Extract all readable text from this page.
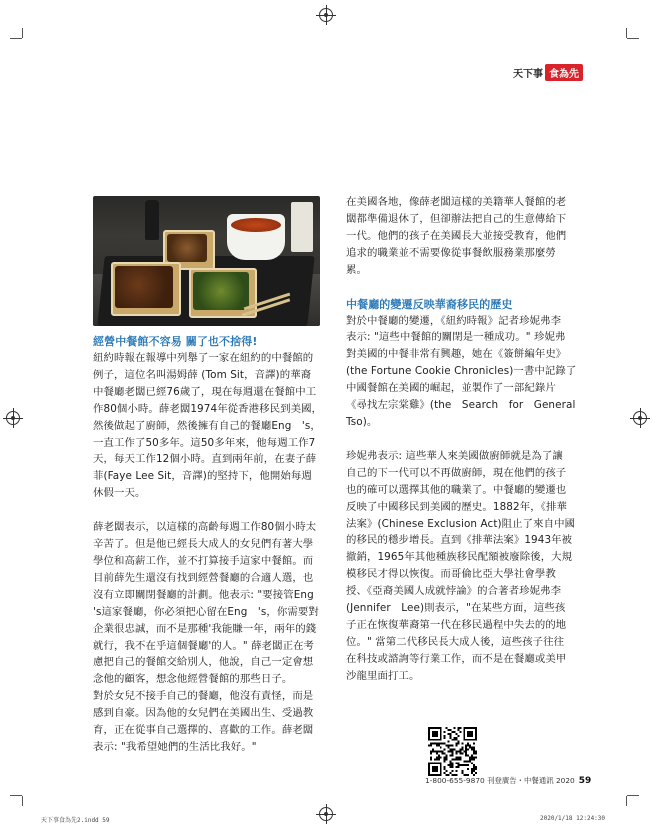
天下事 食為先

經營中餐館不容易 關了也不捨得!

紐約時報在報導中列舉了一家在紐約的中餐館的

例子，這位名叫湯姆薛 (Tom Sit，音譯)的華裔

中餐廳老闆已經76歲了，現在每週還在餐館中工

作80個小時。薛老闆1974年從香港移民到美國，

然後做起了廚師，然後擁有自己的餐廳Eng　's，

一直工作了50多年。這50多年來，他每週工作7

天，每天工作12個小時。直到兩年前，在妻子薛

菲(Faye Lee Sit，音譯)的堅持下，他開始每週

休假一天。

薛老闆表示，以這樣的高齡每週工作80個小時太

辛苦了。但是他已經長大成人的女兒們有著大學

學位和高薪工作，並不打算接手這家中餐館。而

目前薛先生還沒有找到經營餐廳的合適人選，也

沒有立即關閉餐廳的計劃。他表示: "要接管Eng

's這家餐廳，你必須把心留在Eng　's，你需要對

企業很忠誠，而不是那種'我能賺一年，兩年的錢

就行，我不在乎這個餐廳'的人。" 薛老闆正在考

慮把自己的餐館交給別人，他說，自己一定會想

念他的顧客，想念他經營餐館的那些日子。

對於女兒不接手自己的餐廳，他沒有責怪，而是

感到自豪。因為他的女兒們在美國出生、受過教

育，正在從事自己選擇的、喜歡的工作。薛老闆

表示: "我希望她們的生活比我好。"

在美國各地，像薛老闆這樣的美籍華人餐館的老

闆都準備退休了，但卻辦法把自己的生意傳給下

一代。他們的孩子在美國長大並接受教育，他們

追求的職業並不需要像從事餐飲服務業那麼勞

累。

中餐廳的變遷反映華裔移民的歷史

對於中餐廳的變遷，《紐約時報》記者珍妮弗李

表示: "這些中餐館的關閉是一種成功。" 珍妮弗

對美國的中餐非常有興趣，她在《簽餅編年史》

(the Fortune Cookie Chronicles)一書中記錄了

中國餐館在美國的崛起，並製作了一部紀錄片

《尋找左宗棠雞》(the　Search　for　General

Tso)。

珍妮弗表示: 這些華人來美國做廚師就是為了讓

自己的下一代可以不再做廚師，現在他們的孩子

也的確可以選擇其他的職業了。中餐廳的變遷也

反映了中國移民到美國的歷史。1882年，《排華

法案》(Chinese Exclusion Act)阻止了來自中國

的移民的穩步增長。直到《排華法案》1943年被

撤銷，1965年其他種族移民配額被廢除後，大規

模移民才得以恢復。而哥倫比亞大學社會學教

授、《亞裔美國人成就悖論》的合著者珍妮弗李

(Jennifer　Lee)則表示，"在某些方面，這些孩

子正在恢復華裔第一代在移民過程中失去的的地

位。" 當第二代移民長大成人後，這些孩子往往

在科技或諮詢等行業工作，而不是在餐廳或美甲

沙龍里面打工。

1-800-655-9870 刊登廣告・中餐通訊 2020 59
天下事食為先2.indd 59	2020/1/18 12:24:30
